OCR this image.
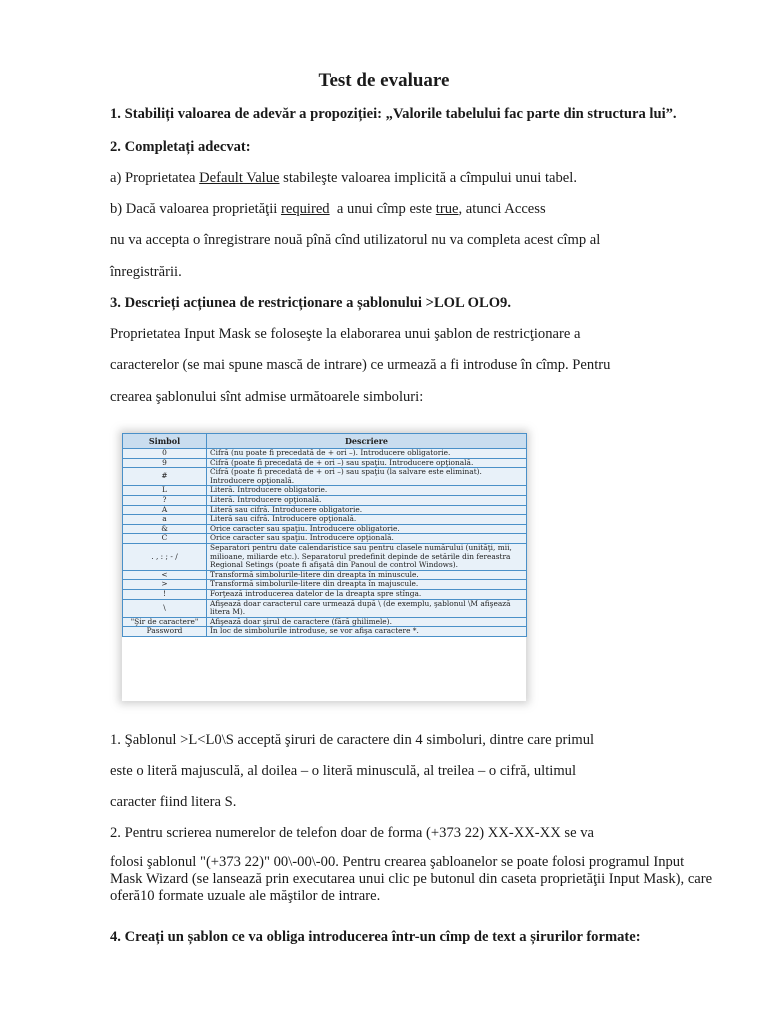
Test de evaluare
1. Stabiliți valoarea de adevăr a propoziției: „Valorile tabelului fac parte din structura lui”.
2. Completați adecvat:
a) Proprietatea Default Value stabileşte valoarea implicită a cîmpului unui tabel.
b) Dacă valoarea proprietăţii required  a unui cîmp este true, atunci Access
nu va accepta o înregistrare nouă pînă cînd utilizatorul nu va completa acest cîmp al
înregistrării.
3. Descrieți acțiunea de restricționare a șablonului >LOL OLO9.
Proprietatea Input Mask se foloseşte la elaborarea unui şablon de restricţionare a
caracterelor (se mai spune mască de intrare) ce urmează a fi introduse în cîmp. Pentru
crearea şablonului sînt admise următoarele simboluri:
Simbol	Descriere
0	Cifră (nu poate fi precedată de + ori –). Introducere obligatorie.
9	Cifră (poate fi precedată de + ori –) sau spaţiu. Introducere opţională.
#	Cifră (poate fi precedată de + ori –) sau spaţiu (la salvare este eliminat). Introducere opţională.
L	Literă. Introducere obligatorie.
?	Literă. Introducere opţională.
A	Literă sau cifră. Introducere obligatorie.
a	Literă sau cifră. Introducere opţională.
&	Orice caracter sau spaţiu. Introducere obligatorie.
C	Orice caracter sau spaţiu. Introducere opţională.
. , : ; - /	Separatori pentru date calendaristice sau pentru clasele numărului (unităţi, mii, milioane, miliarde etc.). Separatorul predefinit depinde de setările din fereastra Regional Setings (poate fi afişată din Panoul de control Windows).
<	Transformă simbolurile-litere din dreapta în minuscule.
>	Transformă simbolurile-litere din dreapta în majuscule.
!	Forţează introducerea datelor de la dreapta spre stînga.
\	Afişează doar caracterul care urmează după \ (de exemplu, şablonul \M afişează litera M).
"Şir de caractere"	Afişează doar şirul de caractere (fără ghilimele).
Password	În loc de simbolurile introduse, se vor afişa caractere *.
1. Şablonul >L<L0\S acceptă şiruri de caractere din 4 simboluri, dintre care primul
este o literă majusculă, al doilea – o literă minusculă, al treilea – o cifră, ultimul
caracter fiind litera S.
2. Pentru scrierea numerelor de telefon doar de forma (+373 22) XX-XX-XX se va
folosi şablonul "(+373 22)" 00\-00\-00. Pentru crearea şabloanelor se poate folosi programul Input Mask Wizard (se lansează prin executarea unui clic pe butonul din caseta proprietăţii Input Mask), care oferă10 formate uzuale ale măştilor de intrare.
4. Creați un șablon ce va obliga introducerea într-un cîmp de text a șirurilor formate:
